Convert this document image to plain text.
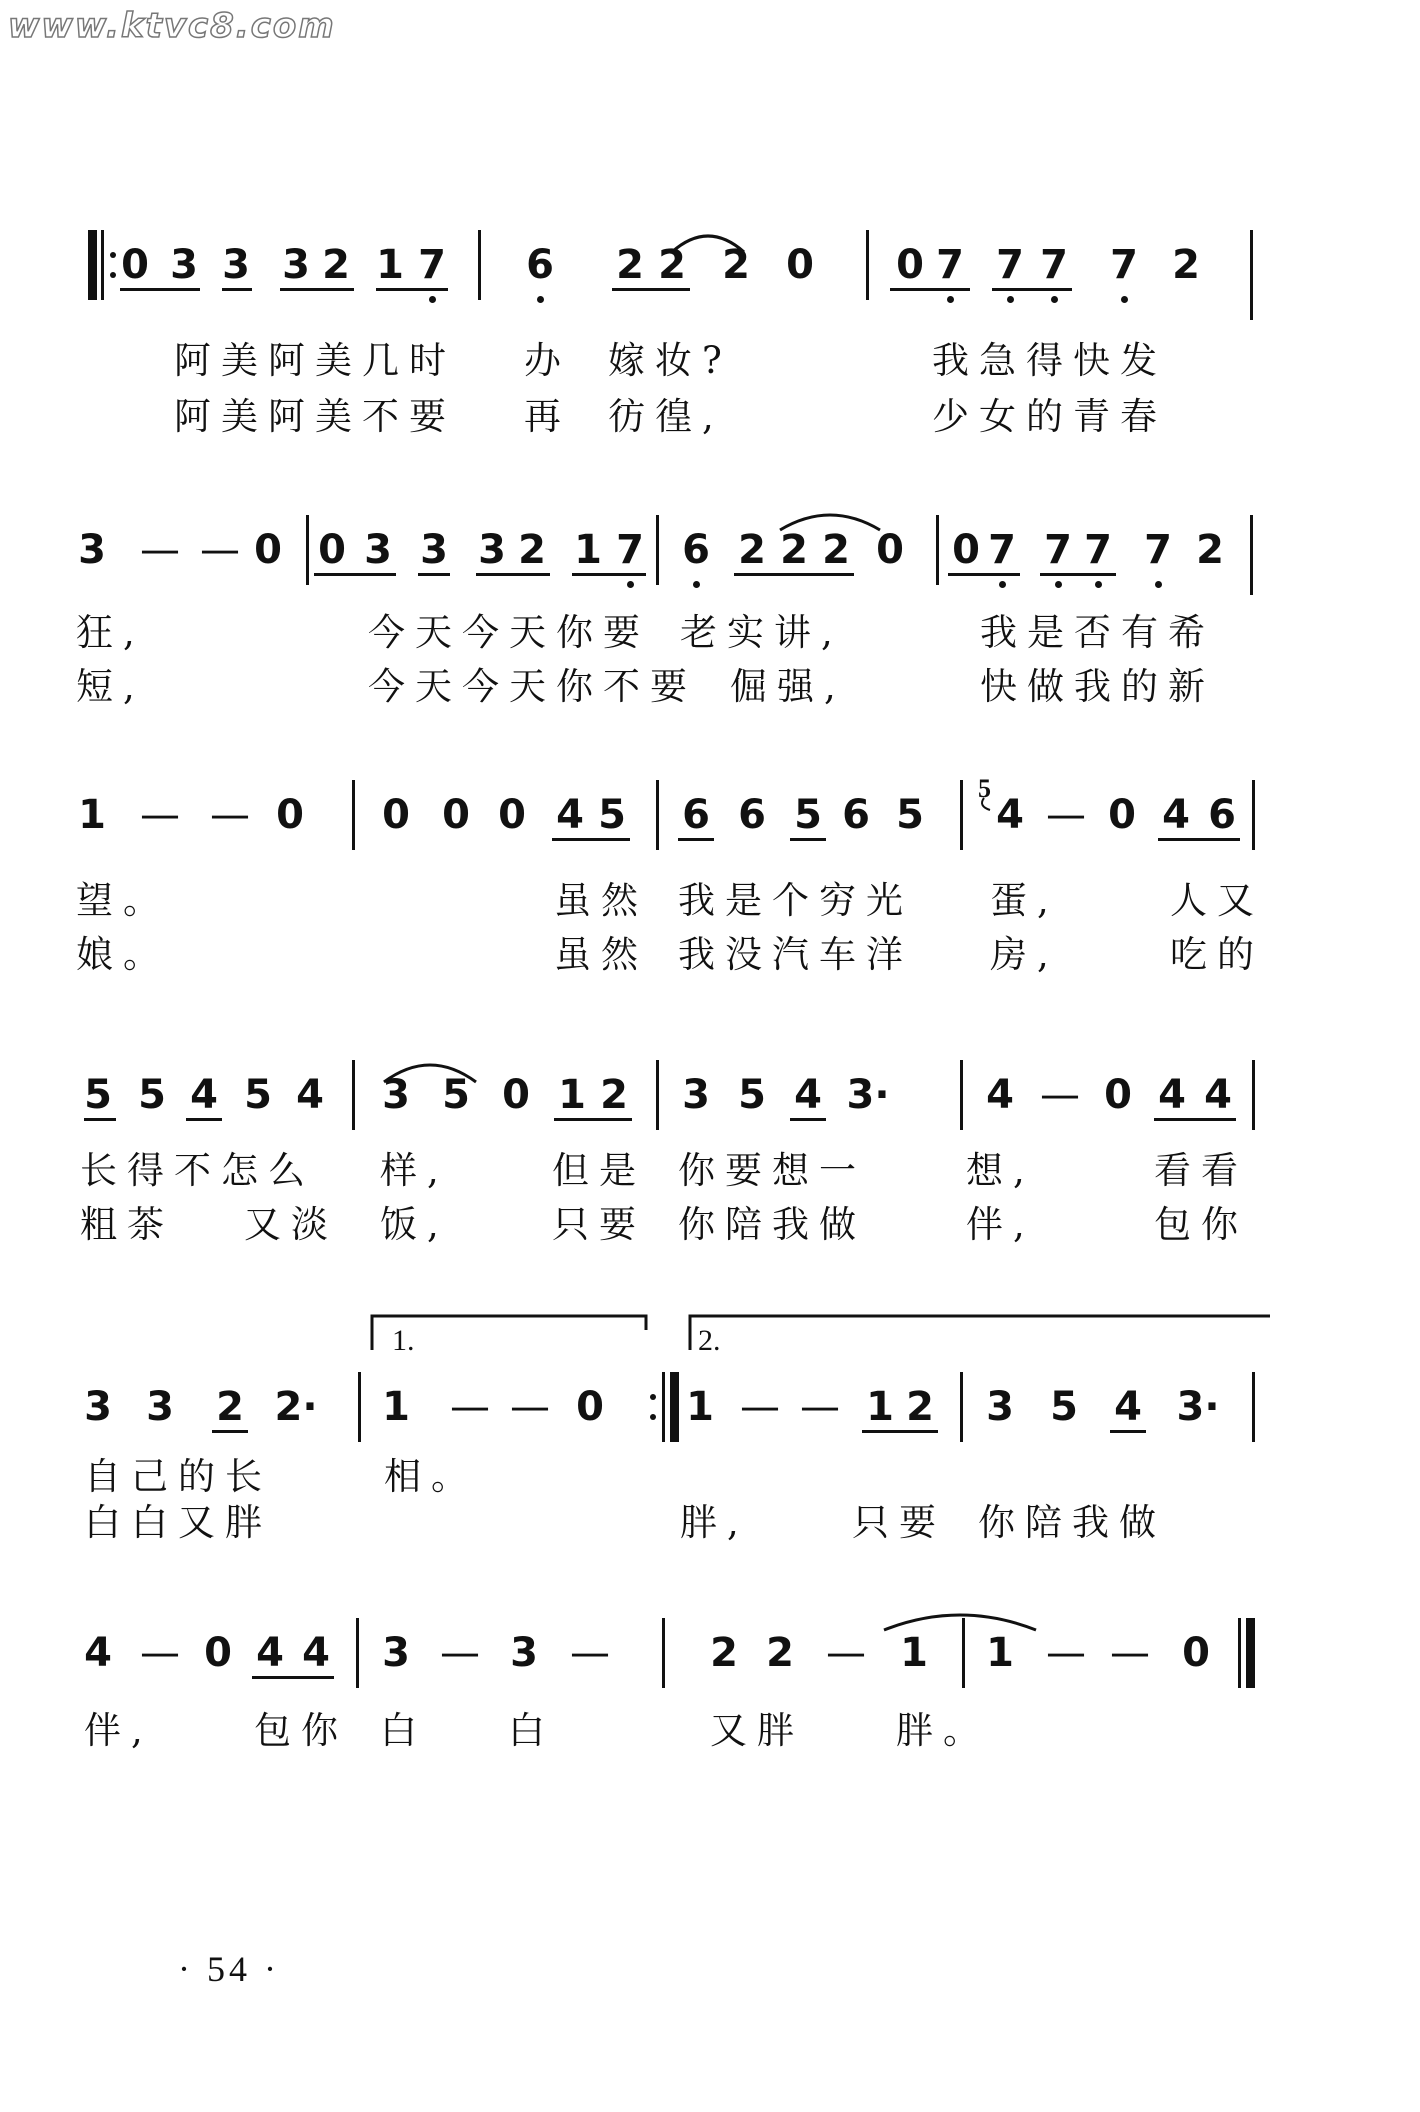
www.ktvc8.com
0 3 3 3 2 1 7 6 2 2 2 0 0 7 7 7 7 2
阿美阿美几时 办 嫁妆?	我急得快发
阿美阿美不要 再 彷徨,	少女的青春
3 — — 0 0 3 3 3 2 1 7 6 2 2 2 0 0 7 7 7 7 2
狂,	今天今天你要 老实讲,	我是否有希
短,	今天今天你不要 倔强,	快做我的新
1 — — 0 0 0 0 4 5 6 6 5 6 5
5
4 — 0 4 6
望。	虽然 我是个穷光 蛋,	人又
娘。	虽然 我没汽车洋 房,	吃的
5 5 4 5 4 3 5 0 1 2 3 5 4 3· 4 — 0 4 4
长得不怎么 样,	但是 你要想一	想,	看看
粗茶 又淡 饭,	只要 你陪我做	伴,	包你
3 3 2 2· 1 — — 0 1 — — 1 2 3 5 4 3·
1.	2.
自己的长	相。
白白又胖	胖,	只要 你陪我做
4 — 0 4 4 3 — 3 —	2 2 — 1 1 — — 0
伴,	包你 白 白	又胖 胖。
· 54 ·
